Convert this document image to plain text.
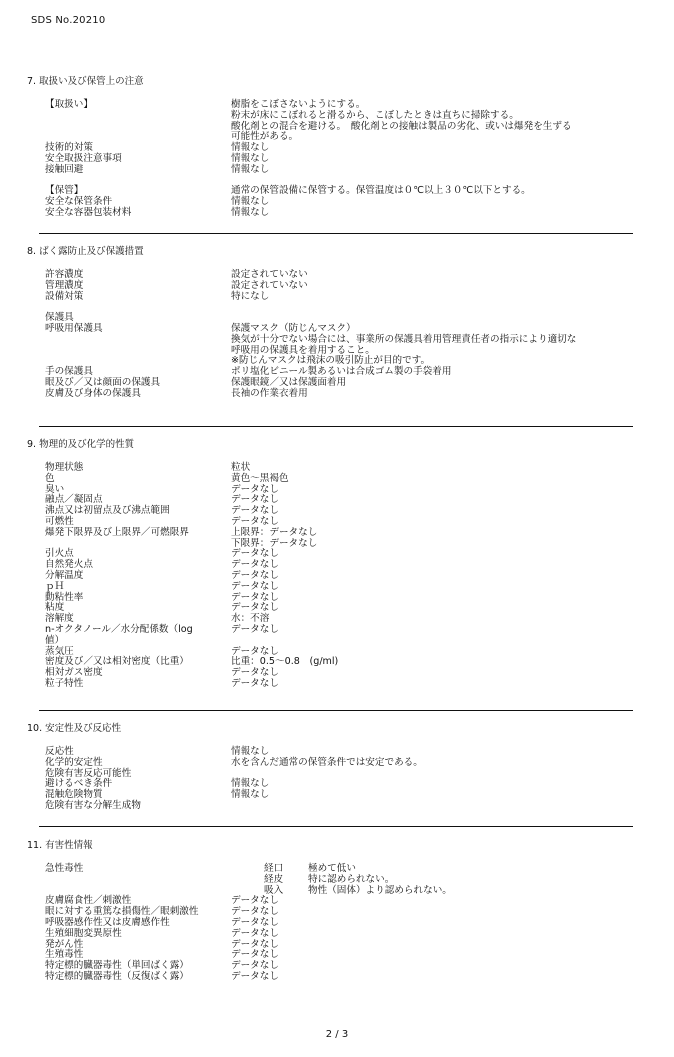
SDS No.20210
7. 取扱い及び保管上の注意
【取扱い】	樹脂をこぼさないようにする。
粉末が床にこぼれると滑るから、こぼしたときは直ちに掃除する。
酸化剤との混合を避ける。　酸化剤との接触は製品の劣化、或いは爆発を生ずる
可能性がある。
技術的対策	情報なし
安全取扱注意事項	情報なし
接触回避	情報なし
【保管】	通常の保管設備に保管する。保管温度は０℃以上３０℃以下とする。
安全な保管条件	情報なし
安全な容器包装材料	情報なし
8. ばく露防止及び保護措置
許容濃度	設定されていない
管理濃度	設定されていない
設備対策	特になし
保護具
呼吸用保護具	保護マスク（防じんマスク）
換気が十分でない場合には、事業所の保護具着用管理責任者の指示により適切な
呼吸用の保護具を着用すること。
※防じんマスクは飛沫の吸引防止が目的です。
手の保護具	ポリ塩化ビニール製あるいは合成ゴム製の手袋着用
眼及び／又は顔面の保護具	保護眼鏡／又は保護面着用
皮膚及び身体の保護具	長袖の作業衣着用
9. 物理的及び化学的性質
物理状態	粒状
色	黄色～黒褐色
臭い	データなし
融点／凝固点	データなし
沸点又は初留点及び沸点範囲	データなし
可燃性	データなし
爆発下限界及び上限界／可燃限界	上限界：データなし
下限界：データなし
引火点	データなし
自然発火点	データなし
分解温度	データなし
ｐＨ	データなし
動粘性率	データなし
粘度	データなし
溶解度	水：不溶
n-オクタノール／水分配係数（log	データなし
値）
蒸気圧	データなし
密度及び／又は相対密度（比重）	比重：0.5～0.8　(g/ml)
相対ガス密度	データなし
粒子特性	データなし
10. 安定性及び反応性
反応性	情報なし
化学的安定性	水を含んだ通常の保管条件では安定である。
危険有害反応可能性
避けるべき条件	情報なし
混触危険物質	情報なし
危険有害な分解生成物
11. 有害性情報
急性毒性	経口	極めて低い
経皮	特に認められない。
吸入	物性（固体）より認められない。
皮膚腐食性／刺激性	データなし
眼に対する重篤な損傷性／眼刺激性	データなし
呼吸器感作性又は皮膚感作性	データなし
生殖細胞変異原性	データなし
発がん性	データなし
生殖毒性	データなし
特定標的臓器毒性（単回ばく露）	データなし
特定標的臓器毒性（反復ばく露）	データなし
2 / 3
